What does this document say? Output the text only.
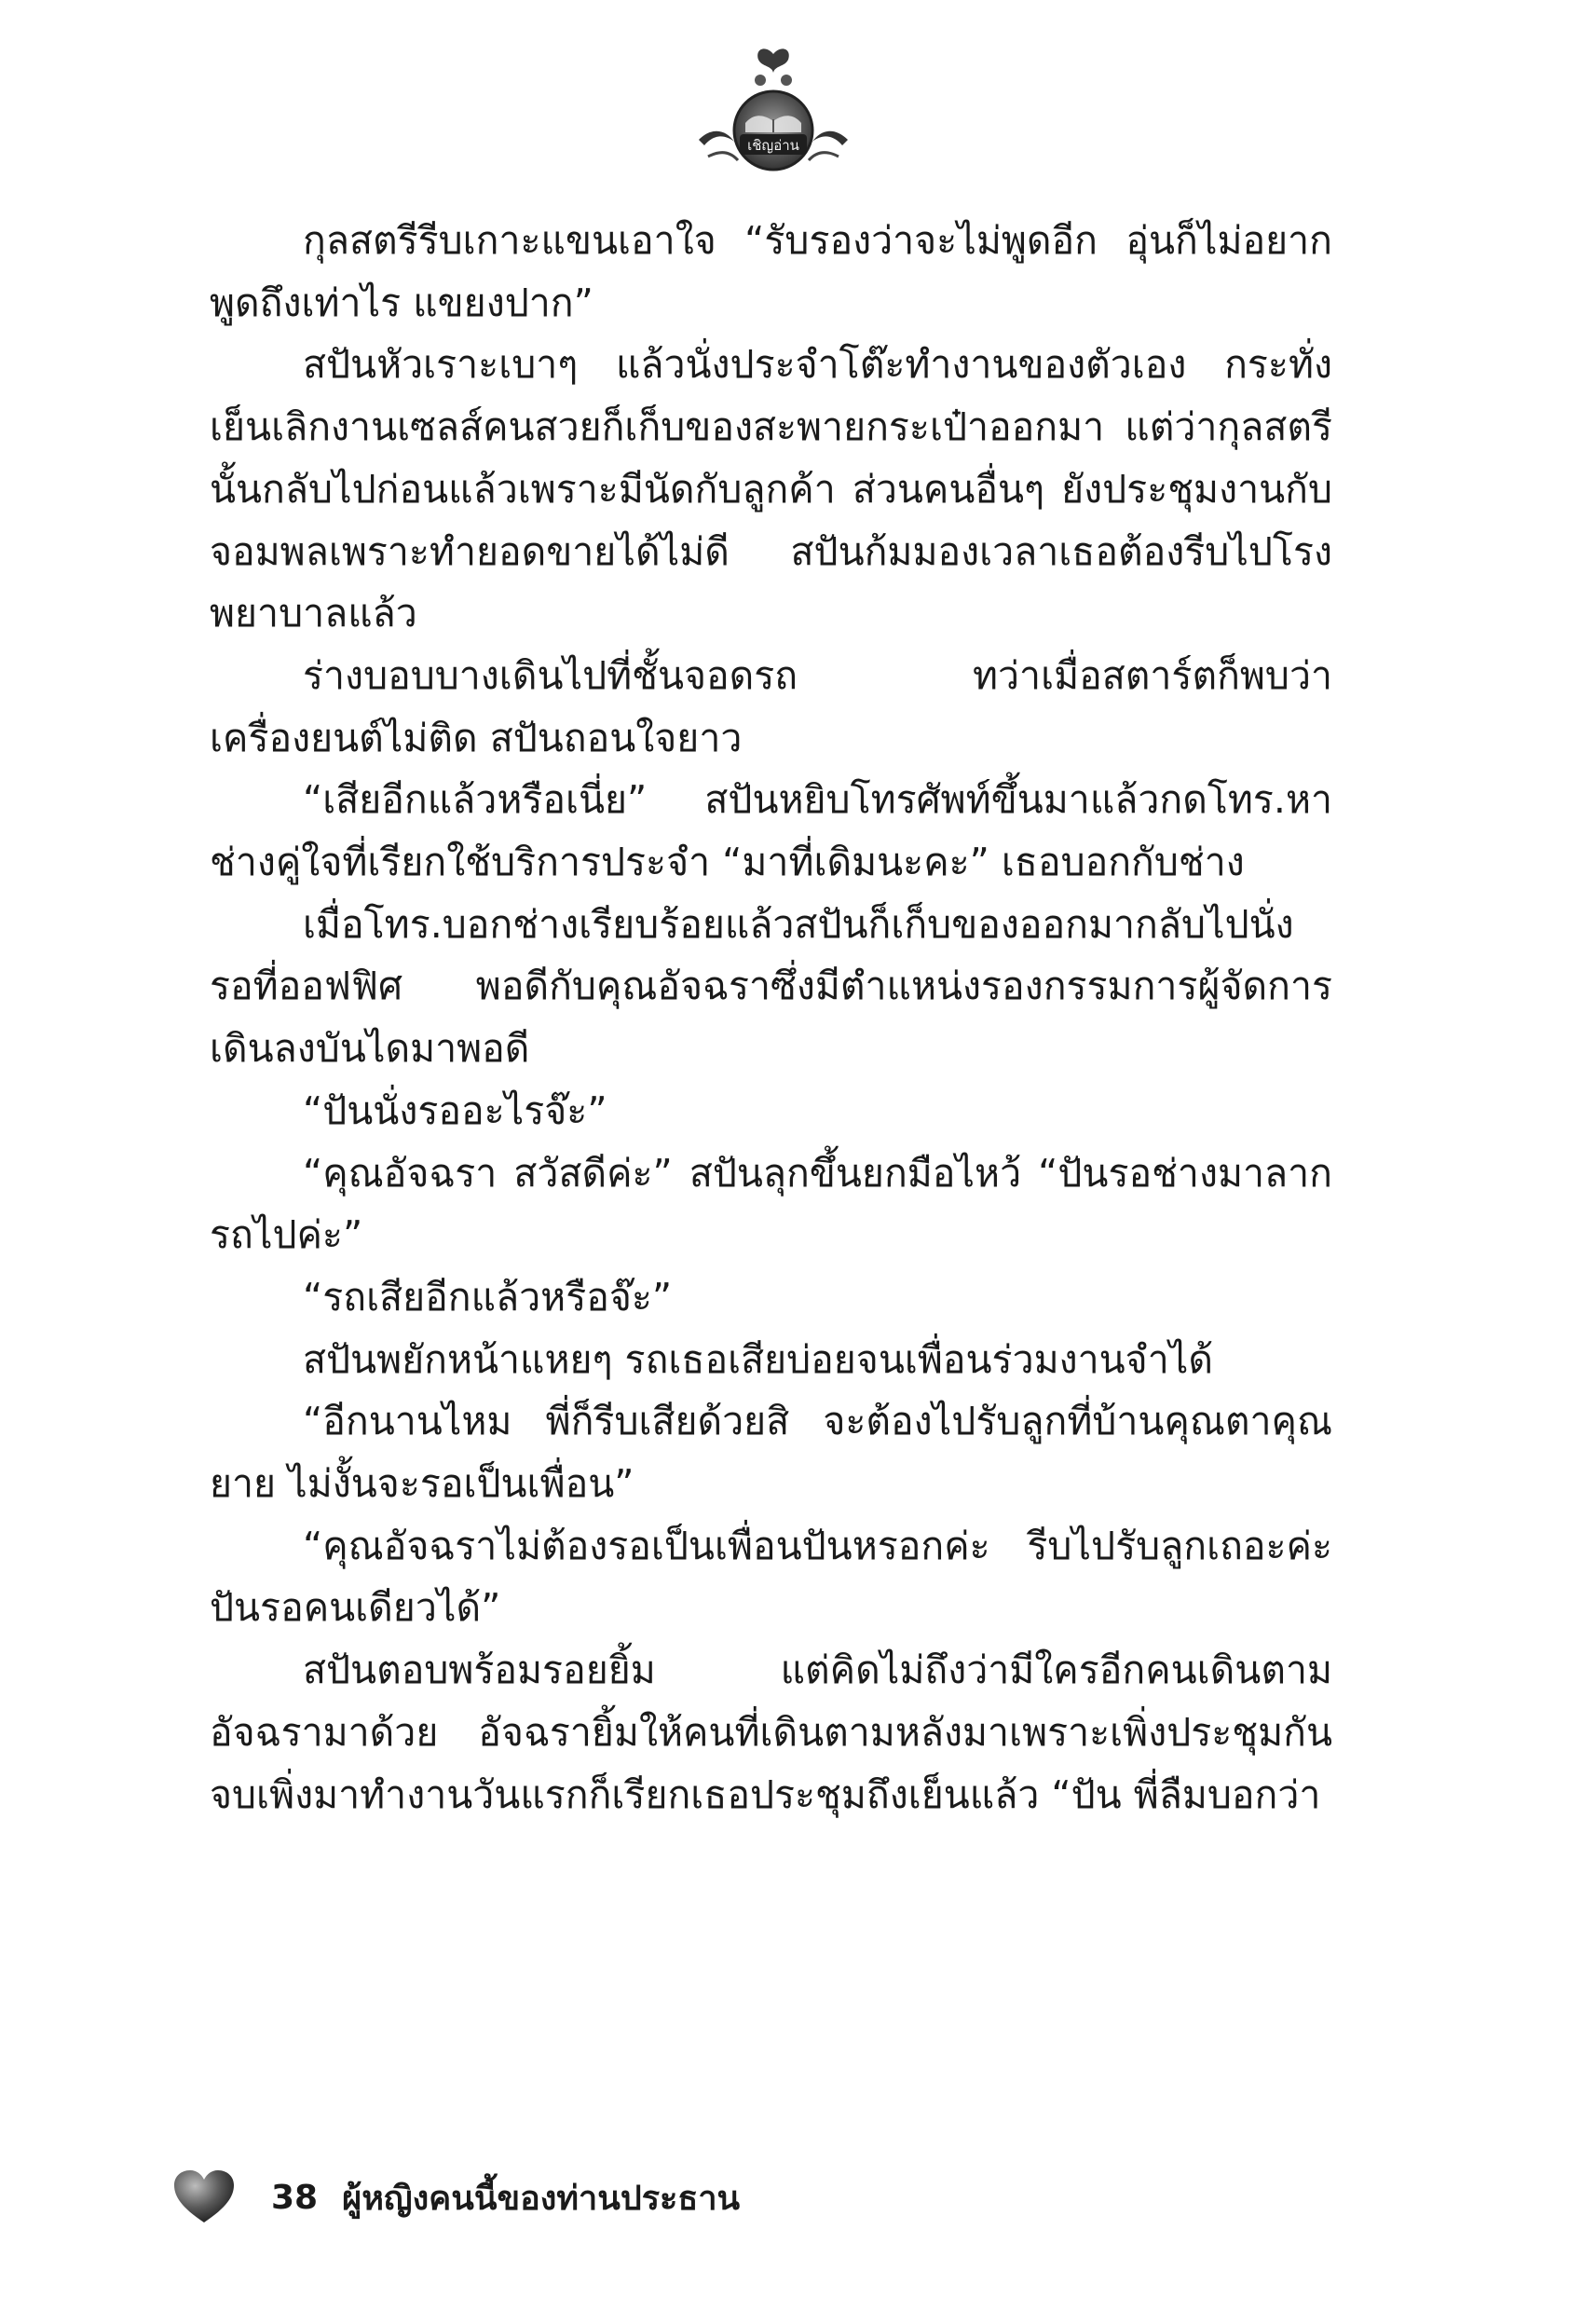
เชิญอ่าน

กุลสตรีรีบเกาะแขนเอาใจ “รับรองว่าจะไม่พูดอีก อุ่นก็ไม่อยากพูดถึงเท่าไร แขยงปาก”

สปันหัวเราะเบาๆ แล้วนั่งประจำโต๊ะทำงานของตัวเอง กระทั่งเย็นเลิกงานเซลส์คนสวยก็เก็บของสะพายกระเป๋าออกมา แต่ว่ากุลสตรีนั้นกลับไปก่อนแล้วเพราะมีนัดกับลูกค้า ส่วนคนอื่นๆ ยังประชุมงานกับจอมพลเพราะทำยอดขายได้ไม่ดี สปันก้มมองเวลาเธอต้องรีบไปโรงพยาบาลแล้ว

ร่างบอบบางเดินไปที่ชั้นจอดรถ ทว่าเมื่อสตาร์ตก็พบว่าเครื่องยนต์ไม่ติด สปันถอนใจยาว

“เสียอีกแล้วหรือเนี่ย” สปันหยิบโทรศัพท์ขึ้นมาแล้วกดโทร.หาช่างคู่ใจที่เรียกใช้บริการประจำ “มาที่เดิมนะคะ” เธอบอกกับช่าง

เมื่อโทร.บอกช่างเรียบร้อยแล้วสปันก็เก็บของออกมากลับไปนั่งรอที่ออฟฟิศ พอดีกับคุณอัจฉราซึ่งมีตำแหน่งรองกรรมการผู้จัดการเดินลงบันไดมาพอดี

“ปันนั่งรออะไรจ๊ะ”

“คุณอัจฉรา สวัสดีค่ะ” สปันลุกขึ้นยกมือไหว้ “ปันรอช่างมาลากรถไปค่ะ”

“รถเสียอีกแล้วหรือจ๊ะ”

สปันพยักหน้าแหยๆ รถเธอเสียบ่อยจนเพื่อนร่วมงานจำได้

“อีกนานไหม พี่ก็รีบเสียด้วยสิ จะต้องไปรับลูกที่บ้านคุณตาคุณยาย ไม่งั้นจะรอเป็นเพื่อน”

“คุณอัจฉราไม่ต้องรอเป็นเพื่อนปันหรอกค่ะ รีบไปรับลูกเถอะค่ะ ปันรอคนเดียวได้”

สปันตอบพร้อมรอยยิ้ม แต่คิดไม่ถึงว่ามีใครอีกคนเดินตามอัจฉรามาด้วย อัจฉรายิ้มให้คนที่เดินตามหลังมาเพราะเพิ่งประชุมกันจบเพิ่งมาทำงานวันแรกก็เรียกเธอประชุมถึงเย็นแล้ว “ปัน พี่ลืมบอกว่า

38 ผู้หญิงคนนี้ของท่านประธาน
